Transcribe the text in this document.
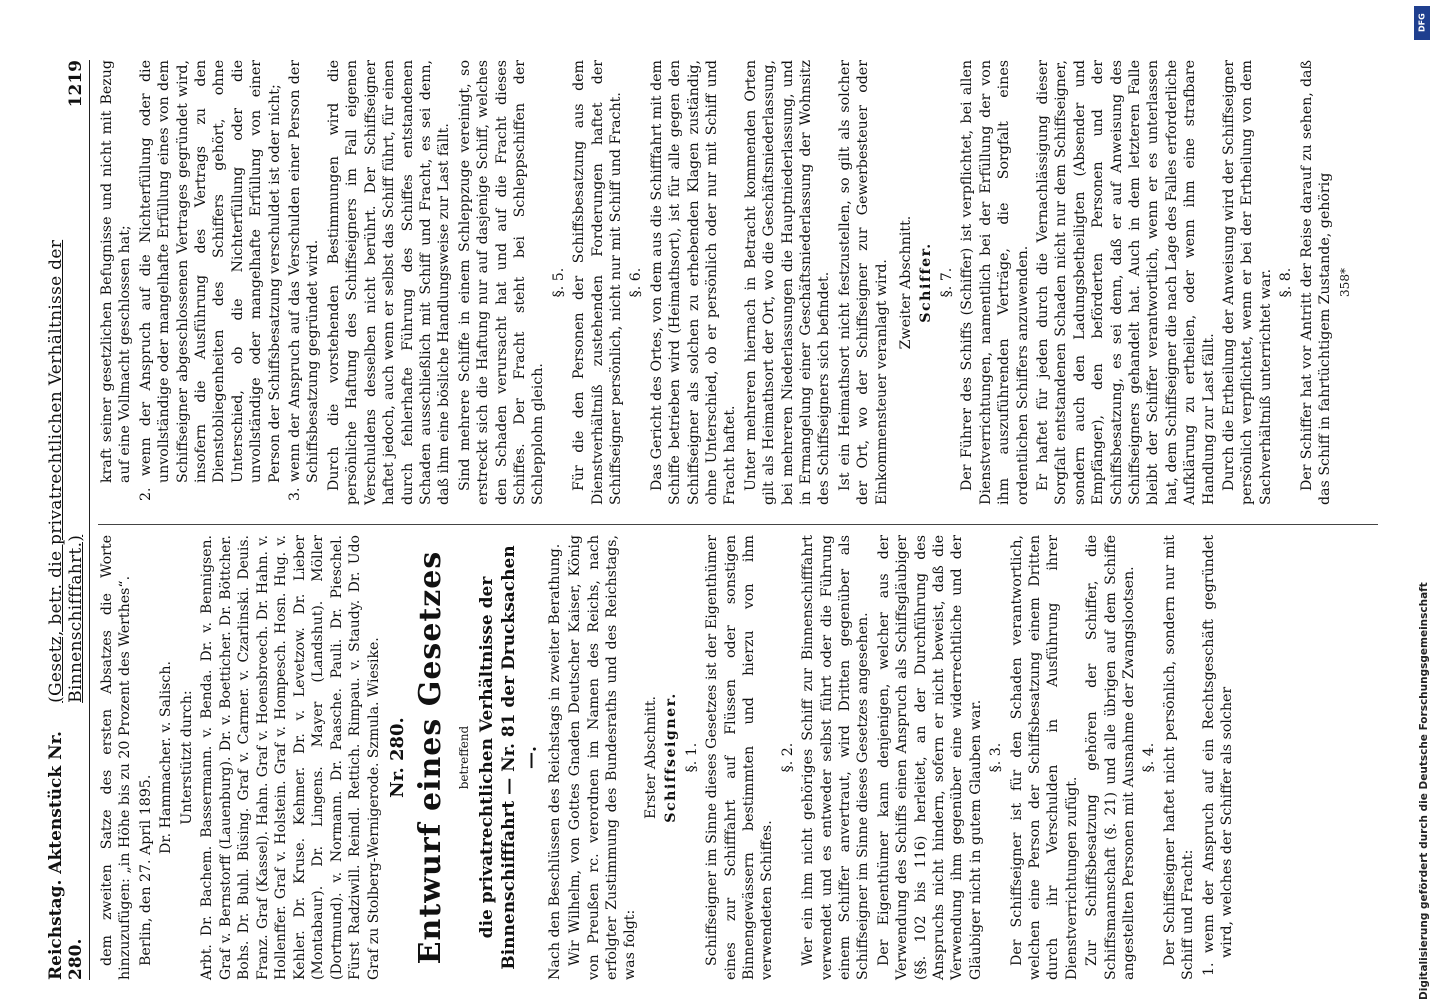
Reichstag. Aktenstück Nr. 280.
(Gesetz, betr. die privatrechtlichen Verhältnisse der Binnenschifffahrt.)
1219

dem zweiten Satze des ersten Absatzes die Worte hinzuzufügen: „in Höhe bis zu 20 Prozent des Werthes“. Berlin, den 27. April 1895.

Dr. Hammacher. v. Salisch. Unterstützt durch: Arbt. Dr. Bachem. Bassermann. v. Benda. Dr. v. Bennigsen. Graf v. Bernstorff (Lauenburg). Dr. v. Boetticher. Dr. Böttcher. Bohs. Dr. Buhl. Büsing. Graf v. Carmer. v. Czarlinski. Deuis. Franz. Graf (Kassel). Hahn. Graf v. Hoensbroech. Dr. Hahn. v. Hollenffer. Graf v. Holstein. Graf v. Hompesch. Hosn. Hug. v. Kehler. Dr. Kruse. Kehmer. Dr. v. Levetzow. Dr. Lieber (Montabaur). Dr. Lingens. Mayer (Landshut). Möller (Dortmund). v. Normann. Dr. Paasche. Pauli. Dr. Pieschel. Fürst Radziwill. Reindl. Rettich. Rimpau. v. Staudy. Dr. Udo Graf zu Stolberg-Wernigerode. Szmula. Wiesike. Nr. 280. Entwurf eines Gesetzes betreffend die privatrechtlichen Verhältnisse der Binnenschifffahrt — Nr. 81 der Drucksachen —. Nach den Beschlüssen des Reichstags in zweiter Berathung. Wir Wilhelm, von Gottes Gnaden Deutscher Kaiser, König von Preußen rc. verordnen im Namen des Reichs, nach erfolgter Zustimmung des Bundesraths und des Reichstags, was folgt:

Erster Abschnitt. Schiffseigner. §. 1. Schiffseigner im Sinne dieses Gesetzes ist der Eigenthümer eines zur Schifffahrt auf Flüssen oder sonstigen Binnengewässern bestimmten und hierzu von ihm verwendeten Schiffes.

§. 2. Wer ein ihm nicht gehöriges Schiff zur Binnenschifffahrt verwendet und es entweder selbst führt oder die Führung einem Schiffer anvertraut, wird Dritten gegenüber als Schiffseigner im Sinne dieses Gesetzes angesehen. Der Eigenthümer kann denjenigen, welcher aus der Verwendung des Schiffs einen Anspruch als Schiffsgläubiger (§§. 102 bis 116) herleitet, an der Durchführung des Anspruchs nicht hindern, sofern er nicht beweist, daß die Verwendung ihm gegenüber eine widerrechtliche und der Gläubiger nicht in gutem Glauben war. §. 3. Der Schiffseigner ist für den Schaden verantwortlich, welchen eine Person der Schiffsbesatzung einem Dritten durch ihr Verschulden in Ausführung ihrer Dienstverrichtungen zufügt. Zur Schiffsbesatzung gehören der Schiffer, die Schiffsmannschaft (§. 21) und alle übrigen auf dem Schiffe angestellten Personen mit Ausnahme der Zwangslootsen. §. 4. Der Schiffseigner haftet nicht persönlich, sondern nur mit Schiff und Fracht: 1. wenn der Anspruch auf ein Rechtsgeschäft gegründet wird, welches der Schiffer als solcher

kraft seiner gesetzlichen Befugnisse und nicht mit Bezug auf eine Vollmacht geschlossen hat; 2. wenn der Anspruch auf die Nichterfüllung oder die unvollständige oder mangelhafte Erfüllung eines von dem Schiffseigner abgeschlossenen Vertrages gegründet wird, insofern die Ausführung des Vertrags zu den Dienstobliegenheiten des Schiffers gehört, ohne Unterschied, ob die Nichterfüllung oder die unvollständige oder mangelhafte Erfüllung von einer Person der Schiffsbesatzung verschuldet ist oder nicht; 3. wenn der Anspruch auf das Verschulden einer Person der Schiffsbesatzung gegründet wird. Durch die vorstehenden Bestimmungen wird die persönliche Haftung des Schiffseigners im Fall eigenen Verschuldens desselben nicht berührt. Der Schiffseigner haftet jedoch, auch wenn er selbst das Schiff führt, für einen durch fehlerhafte Führung des Schiffes entstandenen Schaden ausschließlich mit Schiff und Fracht, es sei denn, daß ihm eine bösliche Handlungsweise zur Last fällt. Sind mehrere Schiffe in einem Schleppzuge vereinigt, so erstreckt sich die Haftung nur auf dasjenige Schiff, welches den Schaden verursacht hat und auf die Fracht dieses Schiffes. Der Fracht steht bei Schleppschiffen der Schlepplohn gleich.

§. 5. Für die den Personen der Schiffsbesatzung aus dem Dienstverhältniß zustehenden Forderungen haftet der Schiffseigner persönlich, nicht nur mit Schiff und Fracht. §. 6. Das Gericht des Ortes, von dem aus die Schifffahrt mit dem Schiffe betrieben wird (Heimathsort), ist für alle gegen den Schiffseigner als solchen zu erhebenden Klagen zuständig, ohne Unterschied, ob er persönlich oder nur mit Schiff und Fracht haftet. Unter mehreren hiernach in Betracht kommenden Orten gilt als Heimathsort der Ort, wo die Geschäftsniederlassung, bei mehreren Niederlassungen die Hauptniederlassung, und in Ermangelung einer Geschäftsniederlassung der Wohnsitz des Schiffseigners sich befindet. Ist ein Heimathsort nicht festzustellen, so gilt als solcher der Ort, wo der Schiffseigner zur Gewerbesteuer oder Einkommensteuer veranlagt wird. Zweiter Abschnitt. Schiffer. §. 7. Der Führer des Schiffs (Schiffer) ist verpflichtet, bei allen Dienstverrichtungen, namentlich bei der Erfüllung der von ihm auszuführenden Verträge, die Sorgfalt eines ordentlichen Schiffers anzuwenden. Er haftet für jeden durch die Vernachlässigung dieser Sorgfalt entstandenen Schaden nicht nur dem Schiffseigner, sondern auch den Ladungsbetheiligten (Absender und Empfänger), den beförderten Personen und der Schiffsbesatzung, es sei denn, daß er auf Anweisung des Schiffseigners gehandelt hat. Auch in dem letzteren Falle bleibt der Schiffer verantwortlich, wenn er es unterlassen hat, dem Schiffseigner die nach Lage des Falles erforderliche Aufklärung zu ertheilen, oder wenn ihm eine strafbare Handlung zur Last fällt. Durch die Ertheilung der Anweisung wird der Schiffseigner persönlich verpflichtet, wenn er bei der Ertheilung von dem Sachverhältniß unterrichtet war. §. 8. Der Schiffer hat vor Antritt der Reise darauf zu sehen, daß das Schiff in fahrtüchtigem Zustande, gehörig 358*

DFG
Digitalisierung gefördert durch die Deutsche Forschungsgemeinschaft
